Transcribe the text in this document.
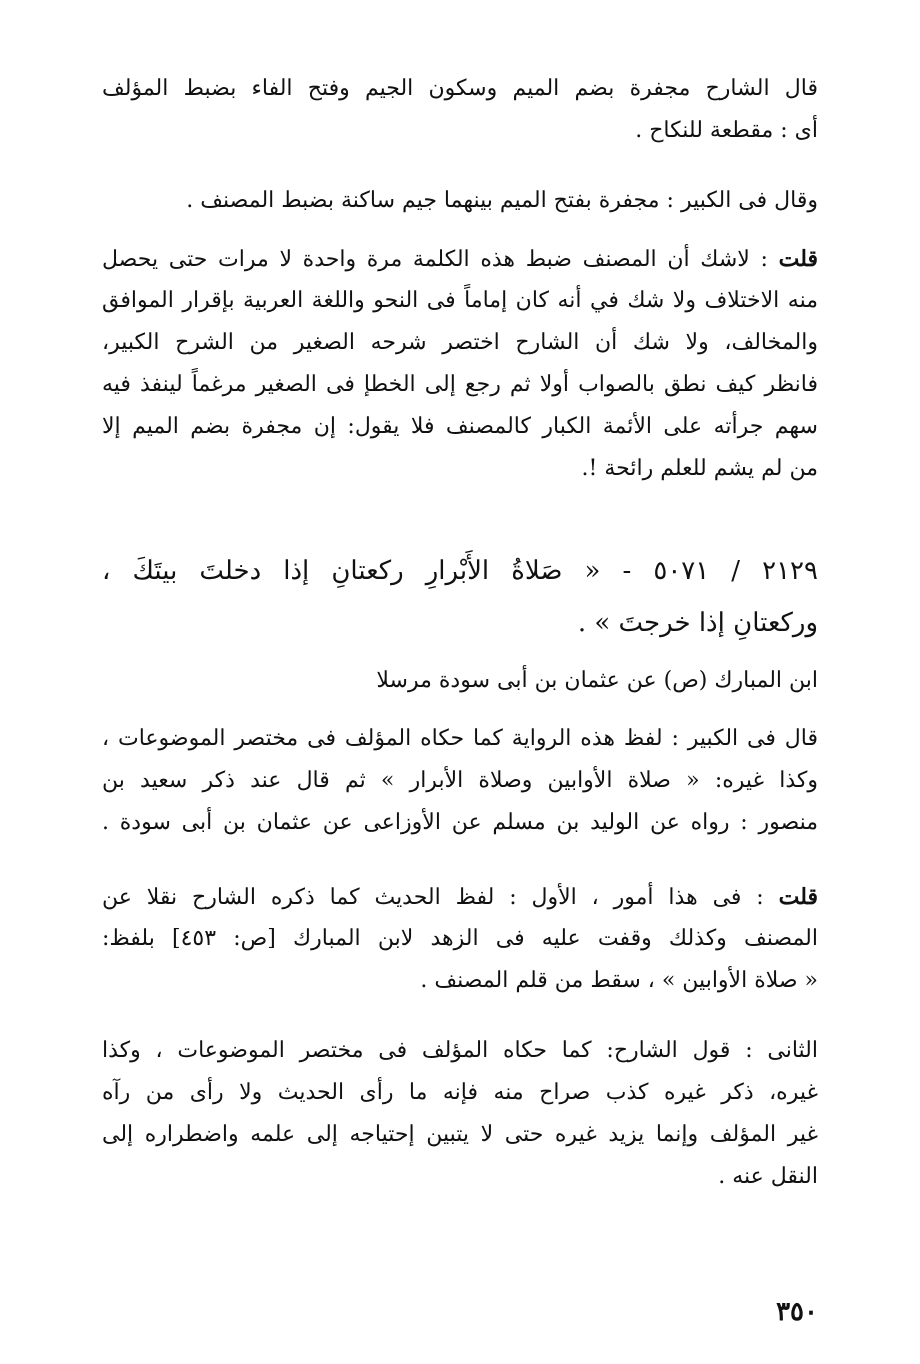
قال الشارح مجفرة بضم الميم وسكون الجيم وفتح الفاء بضبط المؤلف
أى : مقطعة للنكاح .
وقال فى الكبير : مجفرة بفتح الميم بينهما جيم ساكنة بضبط المصنف .
قلت : لاشك أن المصنف ضبط هذه الكلمة مرة واحدة لا مرات حتى يحصل
منه الاختلاف ولا شك في أنه كان إماماً فى النحو واللغة العربية بإقرار الموافق
والمخالف، ولا شك أن الشارح اختصر شرحه الصغير من الشرح الكبير،
فانظر كيف نطق بالصواب أولا ثم رجع إلى الخطإ فى الصغير مرغماً لينفذ فيه
سهم جرأته على الأئمة الكبار كالمصنف فلا يقول: إن مجفرة بضم الميم إلا
من لم يشم للعلم رائحة !.
٢١٢٩ / ٥٠٧١ - « صَلاةُ الأَبْرارِ ركعتانِ إذا دخلتَ بيتَكَ ،
وركعتانِ إذا خرجتَ » .
ابن المبارك (ص) عن عثمان بن أبى سودة مرسلا
قال فى الكبير : لفظ هذه الرواية كما حكاه المؤلف فى مختصر الموضوعات ،
وكذا غيره: « صلاة الأوابين وصلاة الأبرار » ثم قال عند ذكر سعيد بن
منصور : رواه عن الوليد بن مسلم عن الأوزاعى عن عثمان بن أبى سودة .
قلت : فى هذا أمور ، الأول : لفظ الحديث كما ذكره الشارح نقلا عن
المصنف وكذلك وقفت عليه فى الزهد لابن المبارك [ص: ٤٥٣] بلفظ:
« صلاة الأوابين » ، سقط من قلم المصنف .
الثانى : قول الشارح: كما حكاه المؤلف فى مختصر الموضوعات ، وكذا
غيره، ذكر غيره كذب صراح منه فإنه ما رأى الحديث ولا رأى من رآه
غير المؤلف وإنما يزيد غيره حتى لا يتبين إحتياجه إلى علمه واضطراره إلى
النقل عنه .
٣٥٠
